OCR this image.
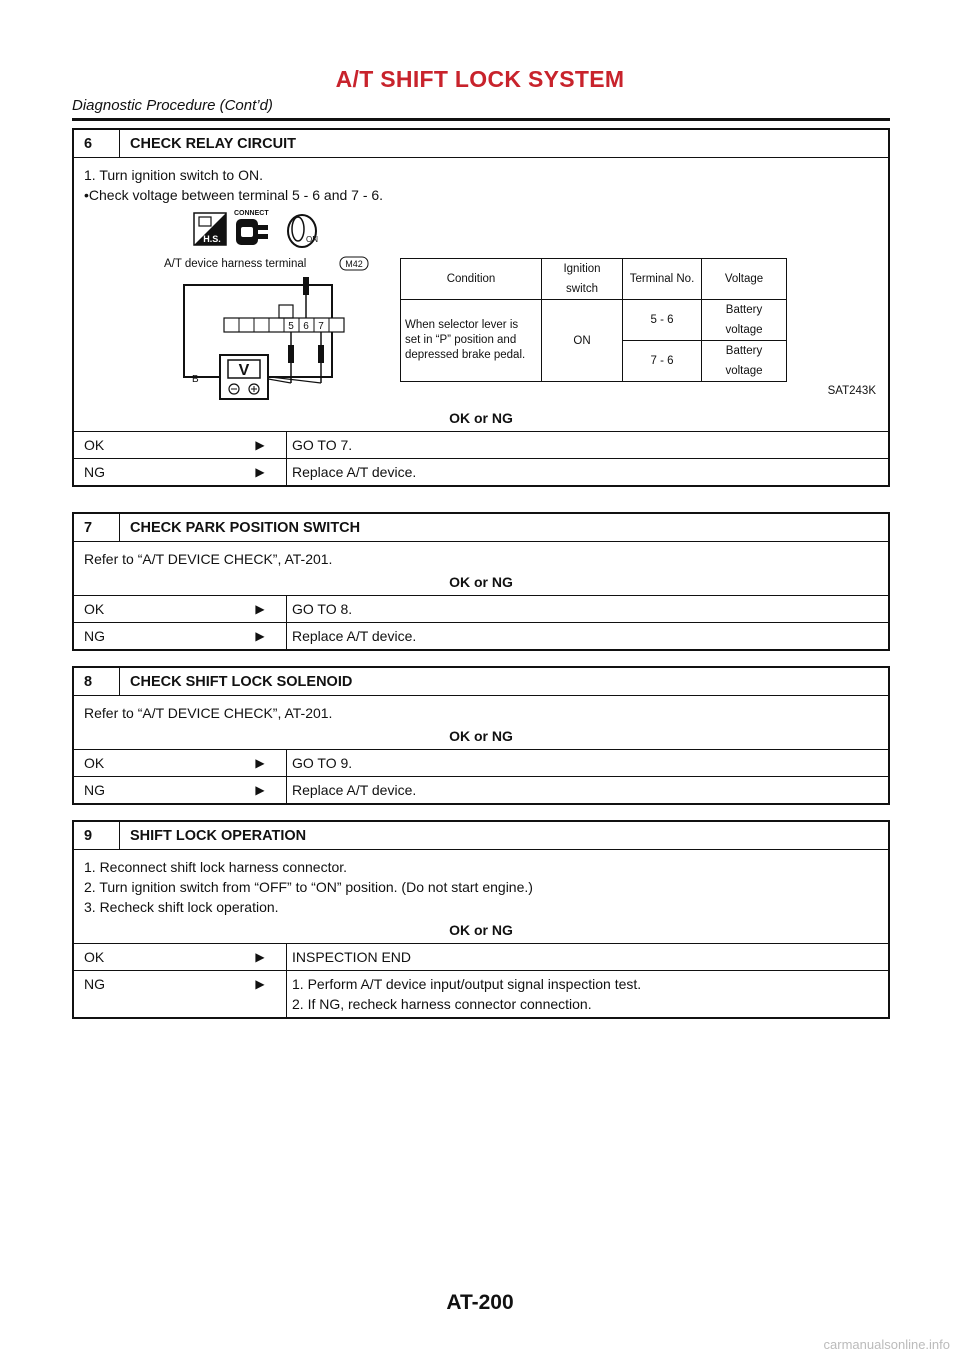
A/T SHIFT LOCK SYSTEM
Diagnostic Procedure (Cont’d)
6	CHECK RELAY CIRCUIT
1. Turn ignition switch to ON.
•Check voltage between terminal 5 - 6 and 7 - 6.
H.S.
CONNECT
ON
A/T device harness terminal	M42
5 6 7
V
B
Condition	Ignition switch	Terminal No.	Voltage

When selector lever is
set in “P” position and
depressed brake pedal.	ON	5 - 6	Battery voltage
		7 - 6	Battery voltage
SAT243K
OK or NG
OK	▶	GO TO 7.
NG	▶	Replace A/T device.
7	CHECK PARK POSITION SWITCH
Refer to “A/T DEVICE CHECK”, AT-201.
OK or NG
OK	▶	GO TO 8.
NG	▶	Replace A/T device.
8	CHECK SHIFT LOCK SOLENOID
Refer to “A/T DEVICE CHECK”, AT-201.
OK or NG
OK	▶	GO TO 9.
NG	▶	Replace A/T device.
9	SHIFT LOCK OPERATION
1. Reconnect shift lock harness connector.
2. Turn ignition switch from “OFF” to “ON” position. (Do not start engine.)
3. Recheck shift lock operation.
OK or NG
OK	▶	INSPECTION END
NG	▶	1. Perform A/T device input/output signal inspection test.
2. If NG, recheck harness connector connection.
AT-200
carmanualsonline.info
